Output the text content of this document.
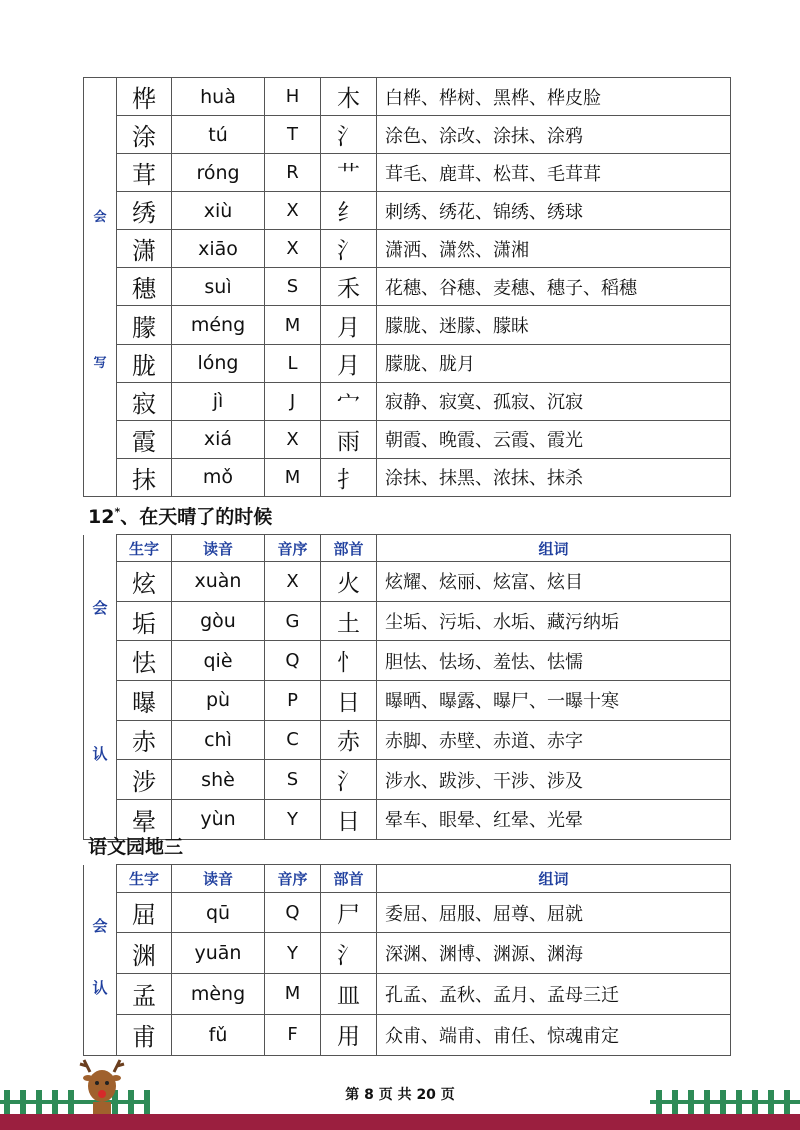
会
写	桦	huà	H	木	白桦、桦树、黑桦、桦皮脸
	涂	tú	T	氵	涂色、涂改、涂抹、涂鸦
	茸	róng	R	艹	茸毛、鹿茸、松茸、毛茸茸
	绣	xiù	X	纟	刺绣、绣花、锦绣、绣球
	潇	xiāo	X	氵	潇洒、潇然、潇湘
	穗	suì	S	禾	花穗、谷穗、麦穗、穗子、稻穗
	朦	méng	M	月	朦胧、迷朦、朦昧
	胧	lóng	L	月	朦胧、胧月
	寂	jì	J	宀	寂静、寂寞、孤寂、沉寂
	霞	xiá	X	雨	朝霞、晚霞、云霞、霞光
	抹	mǒ	M	扌	涂抹、抹黑、浓抹、抹杀
12*、在天晴了的时候
会
认	生字	读音	音序	部首	组词
	炫	xuàn	X	火	炫耀、炫丽、炫富、炫目
	垢	gòu	G	土	尘垢、污垢、水垢、藏污纳垢
	怯	qiè	Q	忄	胆怯、怯场、羞怯、怯懦
	曝	pù	P	日	曝晒、曝露、曝尸、一曝十寒
	赤	chì	C	赤	赤脚、赤壁、赤道、赤字
	涉	shè	S	氵	涉水、跋涉、干涉、涉及
	晕	yùn	Y	日	晕车、眼晕、红晕、光晕
语文园地三
会
认	生字	读音	音序	部首	组词
	屈	qū	Q	尸	委屈、屈服、屈尊、屈就
	渊	yuān	Y	氵	深渊、渊博、渊源、渊海
	孟	mèng	M	皿	孔孟、孟秋、孟月、孟母三迁
	甫	fǔ	F	用	众甫、端甫、甫任、惊魂甫定
第 8 页 共 20 页
